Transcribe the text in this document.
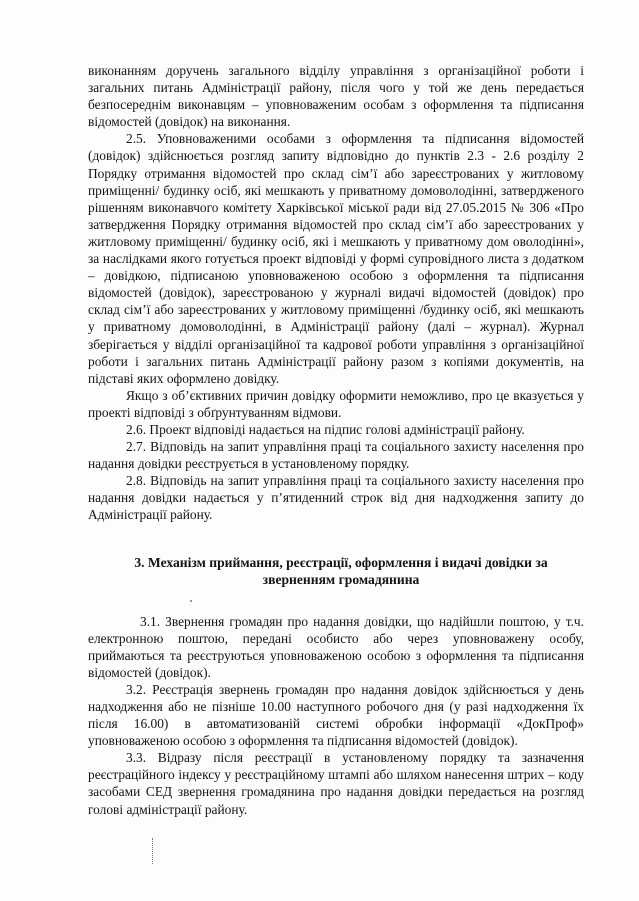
виконанням доручень загального відділу управління з організаційної роботи і загальних питань Адміністрації району, після чого у той же день передається безпосереднім виконавцям – уповноваженим особам з оформлення та підписання відомостей (довідок) на виконання.

2.5. Уповноваженими особами з оформлення та підписання відомостей (довідок) здійснюється розгляд запиту відповідно до пунктів 2.3 - 2.6 розділу 2 Порядку отримання відомостей про склад сім’ї або зареєстрованих у житловому приміщенні/ будинку осіб, які мешкають у приватному домоволодінні, затвердженого рішенням виконавчого комітету Харківської міської ради від 27.05.2015 № 306 «Про затвердження Порядку отримання відомостей про склад сім’ї або зареєстрованих у житловому приміщенні/ будинку осіб, які і мешкають у приватному дом оволодінні», за наслідками якого готується проект відповіді у формі супровідного листа з додатком – довідкою, підписаною уповноваженою особою з оформлення та підписання відомостей (довідок), зареєстрованою у журналі видачі відомостей (довідок) про склад сім’ї або зареєстрованих у житловому приміщенні /будинку осіб, які мешкають у приватному домоволодінні, в Адміністрації району (далі – журнал). Журнал зберігається у відділі організаційної та кадрової роботи управління з організаційної роботи і загальних питань Адміністрації району разом з копіями документів, на підставі яких оформлено довідку.

Якщо з об’єктивних причин довідку оформити неможливо, про це вказується у проекті відповіді з обґрунтуванням відмови.

2.6. Проект відповіді надається на підпис голові адміністрації району.

2.7. Відповідь на запит управління праці та соціального захисту населення про надання довідки реєструється в установленому порядку.

2.8. Відповідь на запит управління праці та соціального захисту населення про надання довідки надається у п’ятиденний строк від дня надходження запиту до Адміністрації району.

3. Механізм приймання, реєстрації, оформлення і видачі довідки за зверненням громадянина

3.1. Звернення громадян про надання довідки, що надійшли поштою, у т.ч. електронною поштою, передані особисто або через уповноважену особу, приймаються та реєструються уповноваженою особою з оформлення та підписання відомостей (довідок).

3.2. Реєстрація звернень громадян про надання довідок здійснюється у день надходження або не пізніше 10.00 наступного робочого дня (у разі надходження їх після 16.00) в автоматизованій системі обробки інформації «ДокПроф» уповноваженою особою з оформлення та підписання відомостей (довідок).

3.3. Відразу після реєстрації в установленому порядку та зазначення реєстраційного індексу у реєстраційному штампі або шляхом нанесення штрих – коду засобами СЕД звернення громадянина про надання довідки передається на розгляд голові адміністрації району.
